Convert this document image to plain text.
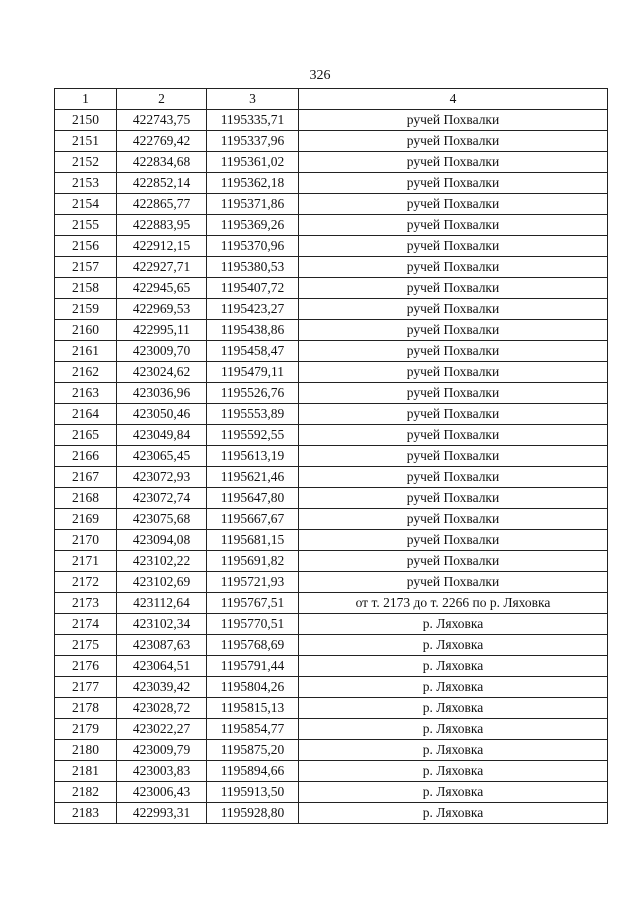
326
1	2	3	4
2150	422743,75	1195335,71	ручей Похвалки
2151	422769,42	1195337,96	ручей Похвалки
2152	422834,68	1195361,02	ручей Похвалки
2153	422852,14	1195362,18	ручей Похвалки
2154	422865,77	1195371,86	ручей Похвалки
2155	422883,95	1195369,26	ручей Похвалки
2156	422912,15	1195370,96	ручей Похвалки
2157	422927,71	1195380,53	ручей Похвалки
2158	422945,65	1195407,72	ручей Похвалки
2159	422969,53	1195423,27	ручей Похвалки
2160	422995,11	1195438,86	ручей Похвалки
2161	423009,70	1195458,47	ручей Похвалки
2162	423024,62	1195479,11	ручей Похвалки
2163	423036,96	1195526,76	ручей Похвалки
2164	423050,46	1195553,89	ручей Похвалки
2165	423049,84	1195592,55	ручей Похвалки
2166	423065,45	1195613,19	ручей Похвалки
2167	423072,93	1195621,46	ручей Похвалки
2168	423072,74	1195647,80	ручей Похвалки
2169	423075,68	1195667,67	ручей Похвалки
2170	423094,08	1195681,15	ручей Похвалки
2171	423102,22	1195691,82	ручей Похвалки
2172	423102,69	1195721,93	ручей Похвалки
2173	423112,64	1195767,51	от т. 2173 до т. 2266 по р. Ляховка
2174	423102,34	1195770,51	р. Ляховка
2175	423087,63	1195768,69	р. Ляховка
2176	423064,51	1195791,44	р. Ляховка
2177	423039,42	1195804,26	р. Ляховка
2178	423028,72	1195815,13	р. Ляховка
2179	423022,27	1195854,77	р. Ляховка
2180	423009,79	1195875,20	р. Ляховка
2181	423003,83	1195894,66	р. Ляховка
2182	423006,43	1195913,50	р. Ляховка
2183	422993,31	1195928,80	р. Ляховка
